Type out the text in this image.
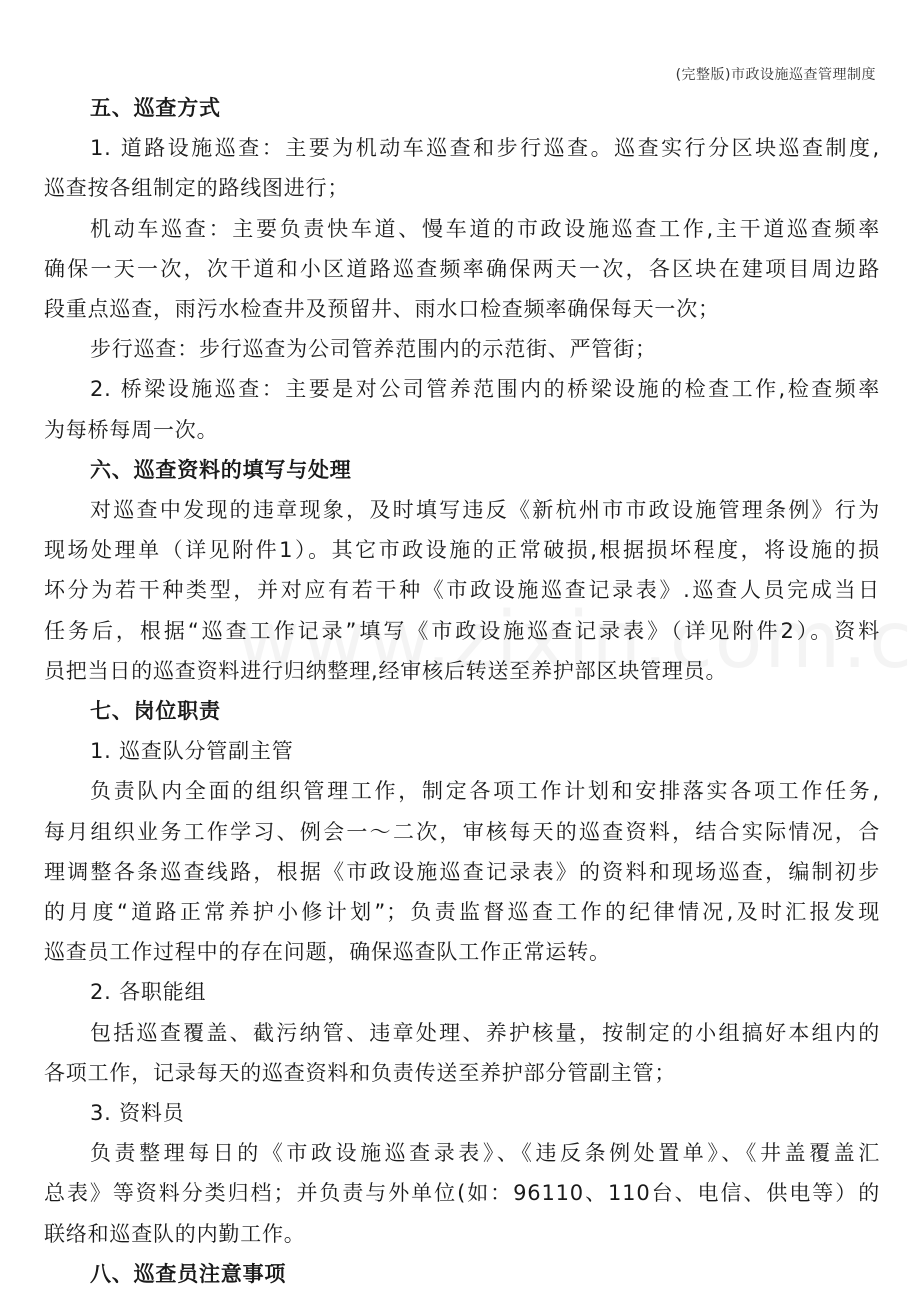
(完整版)市政设施巡查管理制度
五、巡查方式
1. 道路设施巡查：主要为机动车巡查和步行巡查。巡查实行分区块巡查制度,
巡查按各组制定的路线图进行；
机动车巡查：主要负责快车道、慢车道的市政设施巡查工作,主干道巡查频率
确保一天一次，次干道和小区道路巡查频率确保两天一次，各区块在建项目周边路
段重点巡查，雨污水检查井及预留井、雨水口检查频率确保每天一次；
步行巡查：步行巡查为公司管养范围内的示范街、严管街；
2. 桥梁设施巡查：主要是对公司管养范围内的桥梁设施的检查工作,检查频率
为每桥每周一次。
六、巡查资料的填写与处理
对巡查中发现的违章现象，及时填写违反《新杭州市市政设施管理条例》行为
现场处理单（详见附件1）。其它市政设施的正常破损,根据损坏程度，将设施的损
坏分为若干种类型，并对应有若干种《市政设施巡查记录表》.巡查人员完成当日
任务后，根据“巡查工作记录”填写《市政设施巡查记录表》（详见附件2）。资料
员把当日的巡查资料进行归纳整理,经审核后转送至养护部区块管理员。
七、岗位职责
1. 巡查队分管副主管
负责队内全面的组织管理工作，制定各项工作计划和安排落实各项工作任务,
每月组织业务工作学习、例会一～二次，审核每天的巡查资料，结合实际情况，合
理调整各条巡查线路，根据《市政设施巡查记录表》的资料和现场巡查，编制初步
的月度“道路正常养护小修计划”；负责监督巡查工作的纪律情况,及时汇报发现
巡查员工作过程中的存在问题，确保巡查队工作正常运转。
2. 各职能组
包括巡查覆盖、截污纳管、违章处理、养护核量，按制定的小组搞好本组内的
各项工作，记录每天的巡查资料和负责传送至养护部分管副主管；
3. 资料员
负责整理每日的《市政设施巡查录表》、《违反条例处置单》、《井盖覆盖汇
总表》等资料分类归档；并负责与外单位(如：96110、110台、电信、供电等）的
联络和巡查队的内勤工作。
八、巡查员注意事项
